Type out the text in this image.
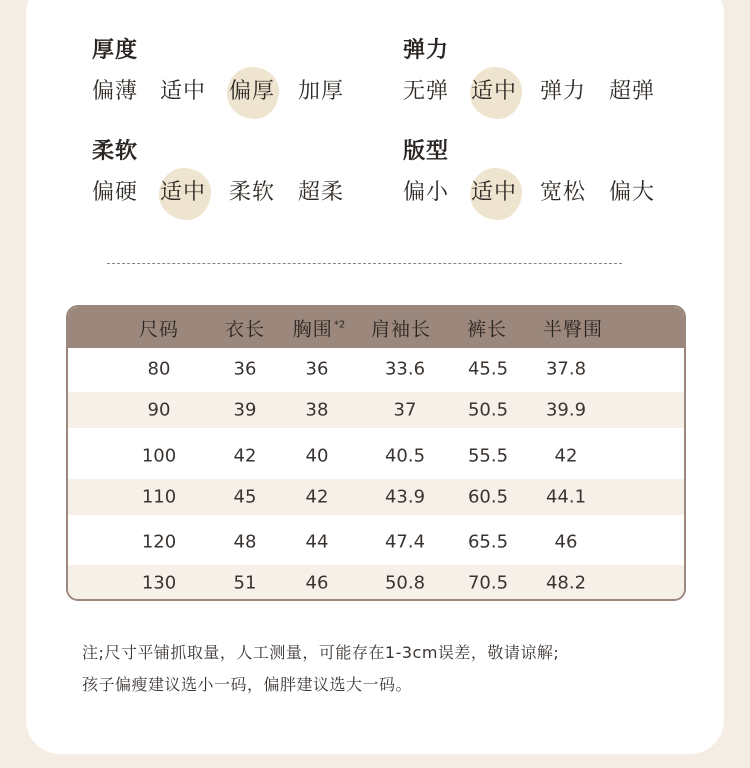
厚度
偏薄 适中 偏厚 加厚
弹力
无弹 适中 弹力 超弹
柔软
偏硬 适中 柔软 超柔
版型
偏小 适中 宽松 偏大
尺码 衣长 胸围$^{*2}$ 肩袖长 裤长 半臀围
80	36	36	33.6 45.5 37.8
90	39	38	37	50.5 39.9
100	42	40	40.5 55.5	42
110	45	42	43.9 60.5 44.1
120	48	44	47.4 65.5	46
130	51	46	50.8 70.5 48.2
注;尺寸平铺抓取量，人工测量，可能存在1-3cm误差，敬请谅解;
孩子偏瘦建议选小一码，偏胖建议选大一码。
